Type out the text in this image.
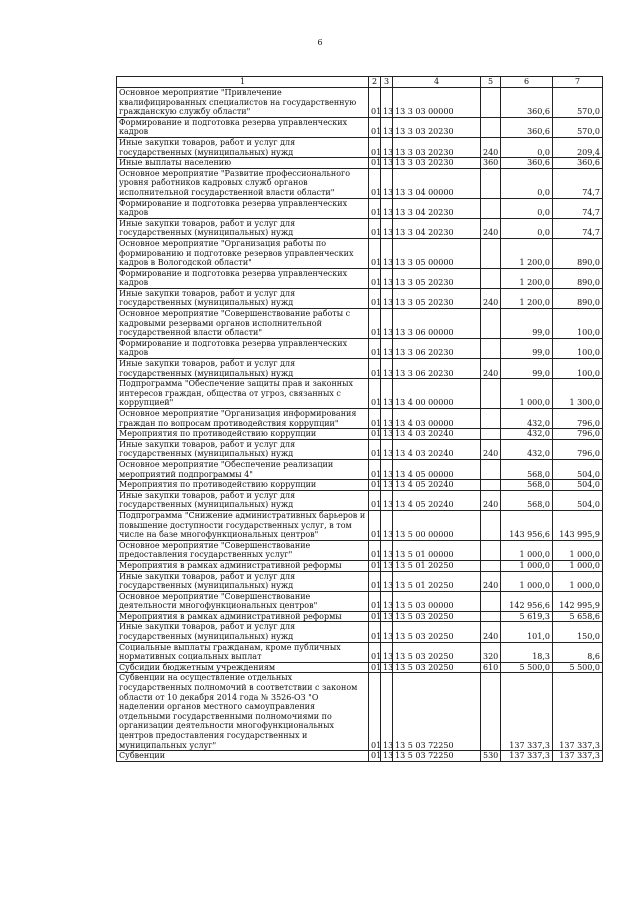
6
1	2	3	4	5	6	7
Основное мероприятие "Привлечение квалифицированных специалистов на государственную гражданскую службу области"	01	13	13 3 03 00000		360,6	570,0
Формирование и подготовка резерва управленческих кадров	01	13	13 3 03 20230		360,6	570,0
Иные закупки товаров, работ и услуг для государственных (муниципальных) нужд	01	13	13 3 03 20230	240	0,0	209,4
Иные выплаты населению	01	13	13 3 03 20230	360	360,6	360,6
Основное мероприятие "Развитие профессионального уровня работников кадровых служб органов исполнительной государственной власти области"	01	13	13 3 04 00000		0,0	74,7
Формирование и подготовка резерва управленческих кадров	01	13	13 3 04 20230		0,0	74,7
Иные закупки товаров, работ и услуг для государственных (муниципальных) нужд	01	13	13 3 04 20230	240	0,0	74,7
Основное мероприятие "Организация работы по формированию и подготовке резервов управленческих кадров в Вологодской области"	01	13	13 3 05 00000		1 200,0	890,0
Формирование и подготовка резерва управленческих кадров	01	13	13 3 05 20230		1 200,0	890,0
Иные закупки товаров, работ и услуг для государственных (муниципальных) нужд	01	13	13 3 05 20230	240	1 200,0	890,0
Основное мероприятие "Совершенствование работы с кадровыми резервами органов исполнительной государственной власти области"	01	13	13 3 06 00000		99,0	100,0
Формирование и подготовка резерва управленческих кадров	01	13	13 3 06 20230		99,0	100,0
Иные закупки товаров, работ и услуг для государственных (муниципальных) нужд	01	13	13 3 06 20230	240	99,0	100,0
Подпрограмма "Обеспечение защиты прав и законных интересов граждан, общества от угроз, связанных с коррупцией"	01	13	13 4 00 00000		1 000,0	1 300,0
Основное мероприятие "Организация информирования граждан по вопросам противодействия коррупции"	01	13	13 4 03 00000		432,0	796,0
Мероприятия по противодействию коррупции	01	13	13 4 03 20240		432,0	796,0
Иные закупки товаров, работ и услуг для государственных (муниципальных) нужд	01	13	13 4 03 20240	240	432,0	796,0
Основное мероприятие "Обеспечение реализации мероприятий подпрограммы 4"	01	13	13 4 05 00000		568,0	504,0
Мероприятия по противодействию коррупции	01	13	13 4 05 20240		568,0	504,0
Иные закупки товаров, работ и услуг для государственных (муниципальных) нужд	01	13	13 4 05 20240	240	568,0	504,0
Подпрограмма "Снижение административных барьеров и повышение доступности государственных услуг, в том числе на базе многофункциональных центров"	01	13	13 5 00 00000		143 956,6	143 995,9
Основное мероприятие "Совершенствование предоставления государственных услуг"	01	13	13 5 01 00000		1 000,0	1 000,0
Мероприятия в рамках административной реформы	01	13	13 5 01 20250		1 000,0	1 000,0
Иные закупки товаров, работ и услуг для государственных (муниципальных) нужд	01	13	13 5 01 20250	240	1 000,0	1 000,0
Основное мероприятие "Совершенствование деятельности многофункциональных центров"	01	13	13 5 03 00000		142 956,6	142 995,9
Мероприятия в рамках административной реформы	01	13	13 5 03 20250		5 619,3	5 658,6
Иные закупки товаров, работ и услуг для государственных (муниципальных) нужд	01	13	13 5 03 20250	240	101,0	150,0
Социальные выплаты гражданам, кроме публичных нормативных социальных выплат	01	13	13 5 03 20250	320	18,3	8,6
Субсидии бюджетным учреждениям	01	13	13 5 03 20250	610	5 500,0	5 500,0
Субвенции на осуществление отдельных государственных полномочий в соответствии с законом области от 10 декабря 2014 года № 3526-ОЗ "О наделении органов местного самоуправления отдельными государственными полномочиями по организации деятельности многофункциональных центров предоставления государственных и муниципальных услуг"	01	13	13 5 03 72250		137 337,3	137 337,3
Субвенции	01	13	13 5 03 72250	530	137 337,3	137 337,3
